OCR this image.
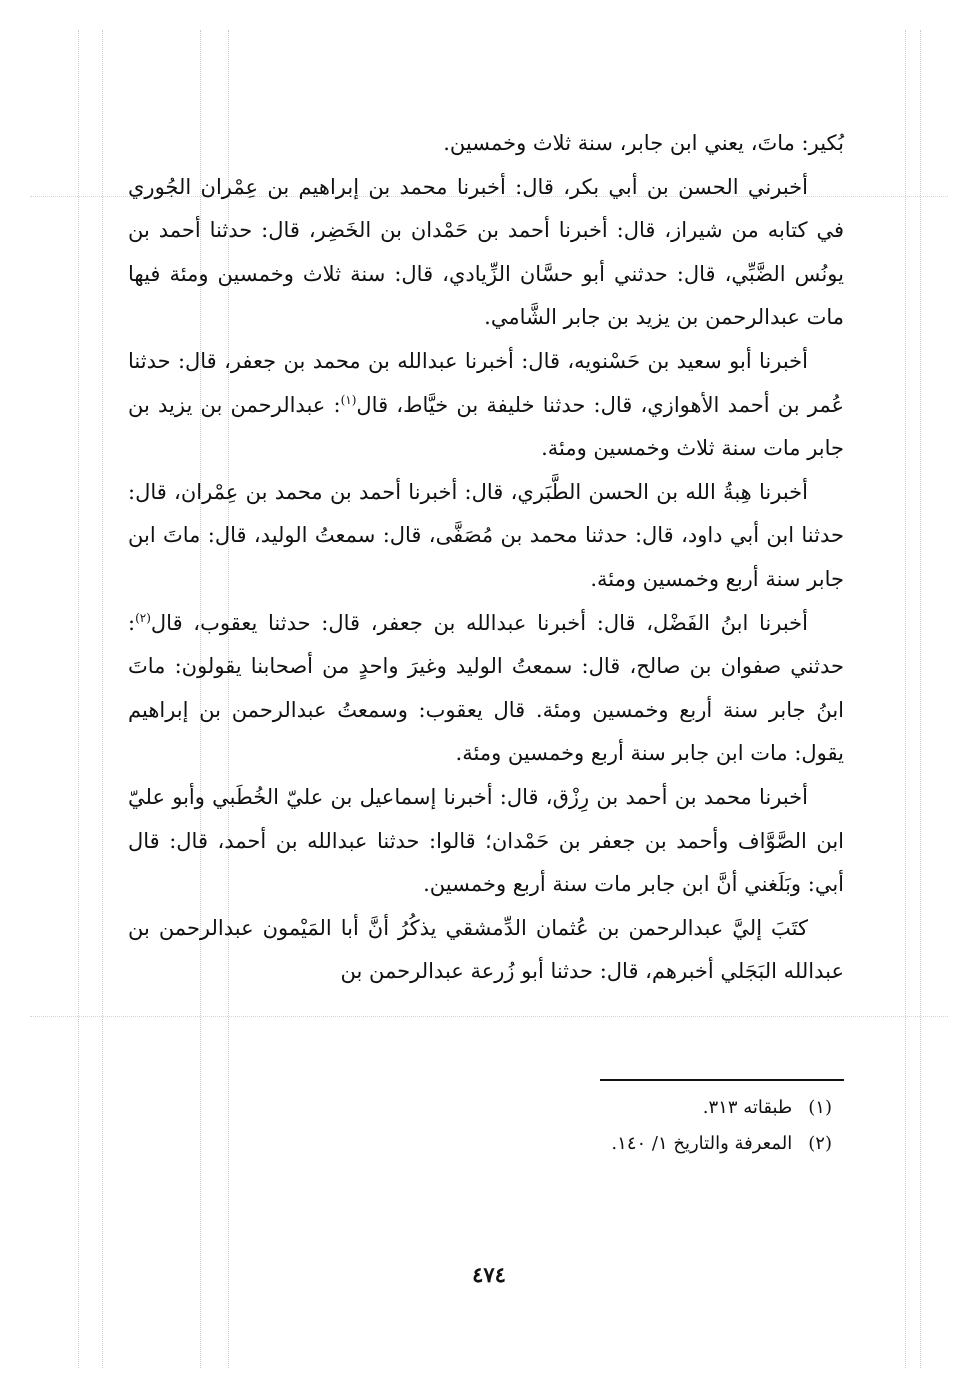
بُكير: ماتَ، يعني ابن جابر، سنة ثلاث وخمسين.

أخبرني الحسن بن أبي بكر، قال: أخبرنا محمد بن إبراهيم بن عِمْران الجُوري في كتابه من شيراز، قال: أخبرنا أحمد بن حَمْدان بن الخَضِر، قال: حدثنا أحمد بن يونُس الضَّبِّي، قال: حدثني أبو حسَّان الزِّيادي، قال: سنة ثلاث وخمسين ومئة فيها مات عبدالرحمن بن يزيد بن جابر الشَّامي.

أخبرنا أبو سعيد بن حَسْنويه، قال: أخبرنا عبدالله بن محمد بن جعفر، قال: حدثنا عُمر بن أحمد الأهوازي، قال: حدثنا خليفة بن خيَّاط، قال$^{(١)}$: عبدالرحمن بن يزيد بن جابر مات سنة ثلاث وخمسين ومئة.

أخبرنا هِبةُ الله بن الحسن الطَّبَري، قال: أخبرنا أحمد بن محمد بن عِمْران، قال: حدثنا ابن أبي داود، قال: حدثنا محمد بن مُصَفَّى، قال: سمعتُ الوليد، قال: ماتَ ابن جابر سنة أربع وخمسين ومئة.

أخبرنا ابنُ الفَضْل، قال: أخبرنا عبدالله بن جعفر، قال: حدثنا يعقوب، قال$^{(٢)}$: حدثني صفوان بن صالح، قال: سمعتُ الوليد وغيرَ واحدٍ من أصحابنا يقولون: ماتَ ابنُ جابر سنة أربع وخمسين ومئة. قال يعقوب: وسمعتُ عبدالرحمن بن إبراهيم يقول: مات ابن جابر سنة أربع وخمسين ومئة.

أخبرنا محمد بن أحمد بن رِزْق، قال: أخبرنا إسماعيل بن عليّ الخُطَبي وأبو عليّ ابن الصَّوَّاف وأحمد بن جعفر بن حَمْدان؛ قالوا: حدثنا عبدالله بن أحمد، قال: قال أبي: وبَلَغني أنَّ ابن جابر مات سنة أربع وخمسين.

كتَبَ إليَّ عبدالرحمن بن عُثمان الدِّمشقي يذكُرُ أنَّ أبا المَيْمون عبدالرحمن بن عبدالله البَجَلي أخبرهم، قال: حدثنا أبو زُرعة عبدالرحمن بن

(١)طبقاته ٣١٣.

(٢)المعرفة والتاريخ ١/ ١٤٠.

٤٧٤
